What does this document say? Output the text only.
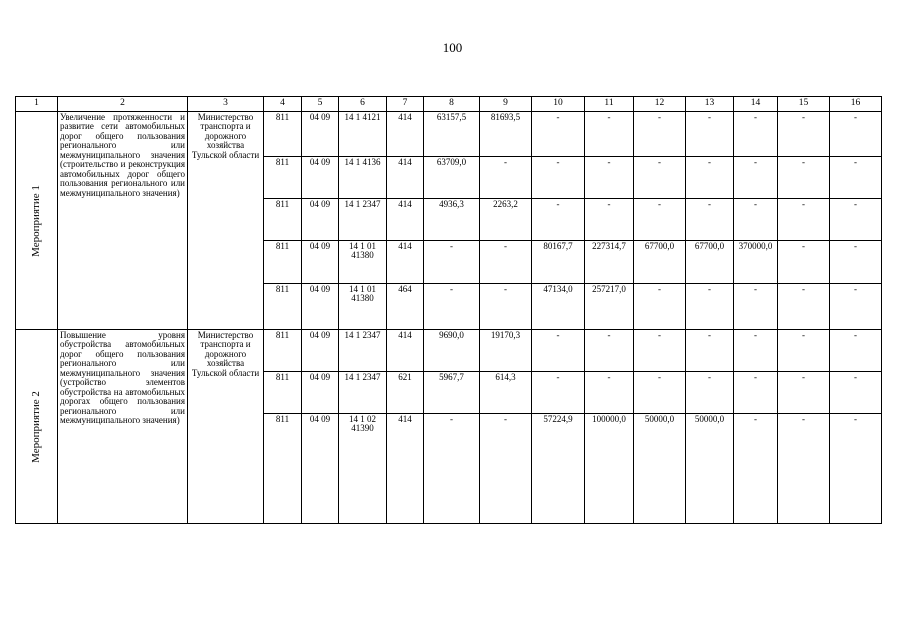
100
1	2	3	4	5	6	7	8	9	10	11	12	13	14	15	16

Мероприятие 1	Увеличение протяженности и развитие сети автомобильных дорог общего пользования регионального или межмуниципального значения (строительство и реконструкция автомобильных дорог общего пользования регионального или межмуниципального значения)	Министерство транспорта и дорожного хозяйства Тульской области	811	04 09	14 1 4121	414	63157,5	81693,5	-	-	-	-	-	-	-
			811	04 09	14 1 4136	414	63709,0	-	-	-	-	-	-	-	-
			811	04 09	14 1 2347	414	4936,3	2263,2	-	-	-	-	-	-	-
			811	04 09	14 1 01 41380	414	-	-	80167,7	227314,7	67700,0	67700,0	370000,0	-	-
			811	04 09	14 1 01 41380	464	-	-	47134,0	257217,0	-	-	-	-	-

Мероприятие 2	Повышение уровня обустройства автомобильных дорог общего пользования регионального или межмуниципального значения (устройство элементов обустройства на автомобильных дорогах общего пользования регионального или межмуниципального значения)	Министерство транспорта и дорожного хозяйства Тульской области	811	04 09	14 1 2347	414	9690,0	19170,3	-	-	-	-	-	-	-
			811	04 09	14 1 2347	621	5967,7	614,3	-	-	-	-	-	-	-
			811	04 09	14 1 02 41390	414	-	-	57224,9	100000,0	50000,0	50000,0	-	-	-
